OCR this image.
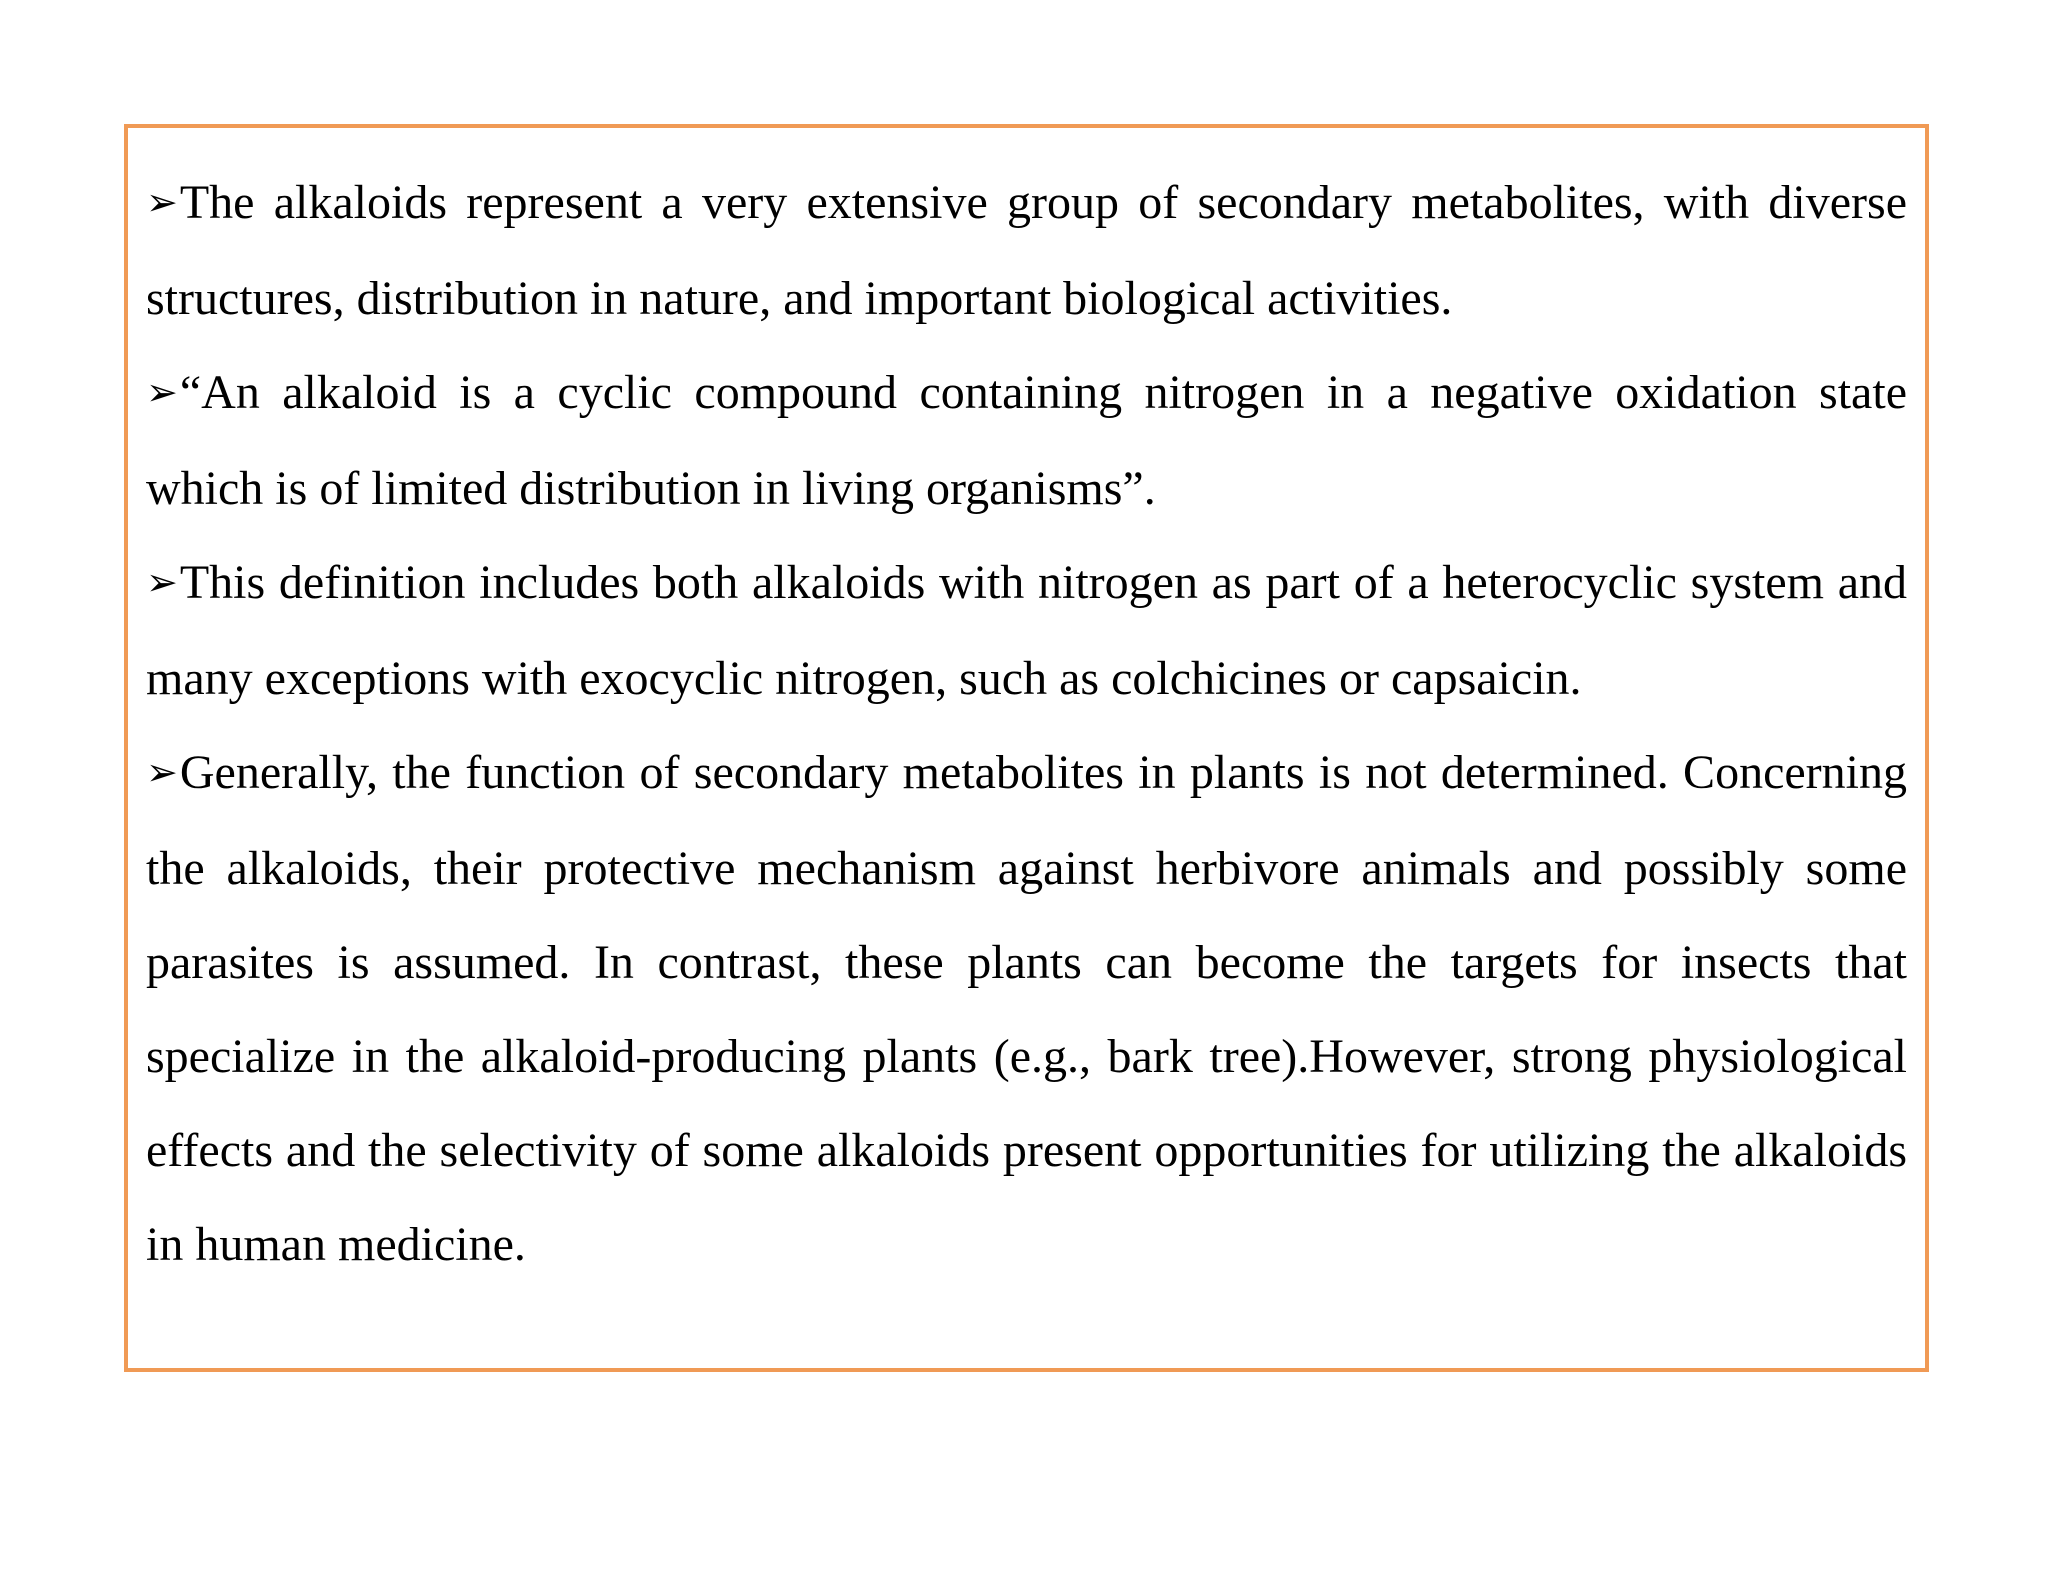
➢The alkaloids represent a very extensive group of secondary metabolites, with diverse structures, distribution in nature, and important biological activities.

➢“An alkaloid is a cyclic compound containing nitrogen in a negative oxidation state which is of limited distribution in living organisms”.

➢This definition includes both alkaloids with nitrogen as part of a heterocyclic system and many exceptions with exocyclic nitrogen, such as colchicines or capsaicin.

➢Generally, the function of secondary metabolites in plants is not determined. Concerning the alkaloids, their protective mechanism against herbivore animals and possibly some parasites is assumed. In contrast, these plants can become the targets for insects that specialize in the alkaloid-producing plants (e.g., bark tree).However, strong physiological effects and the selectivity of some alkaloids present opportunities for utilizing the alkaloids in human medicine.
